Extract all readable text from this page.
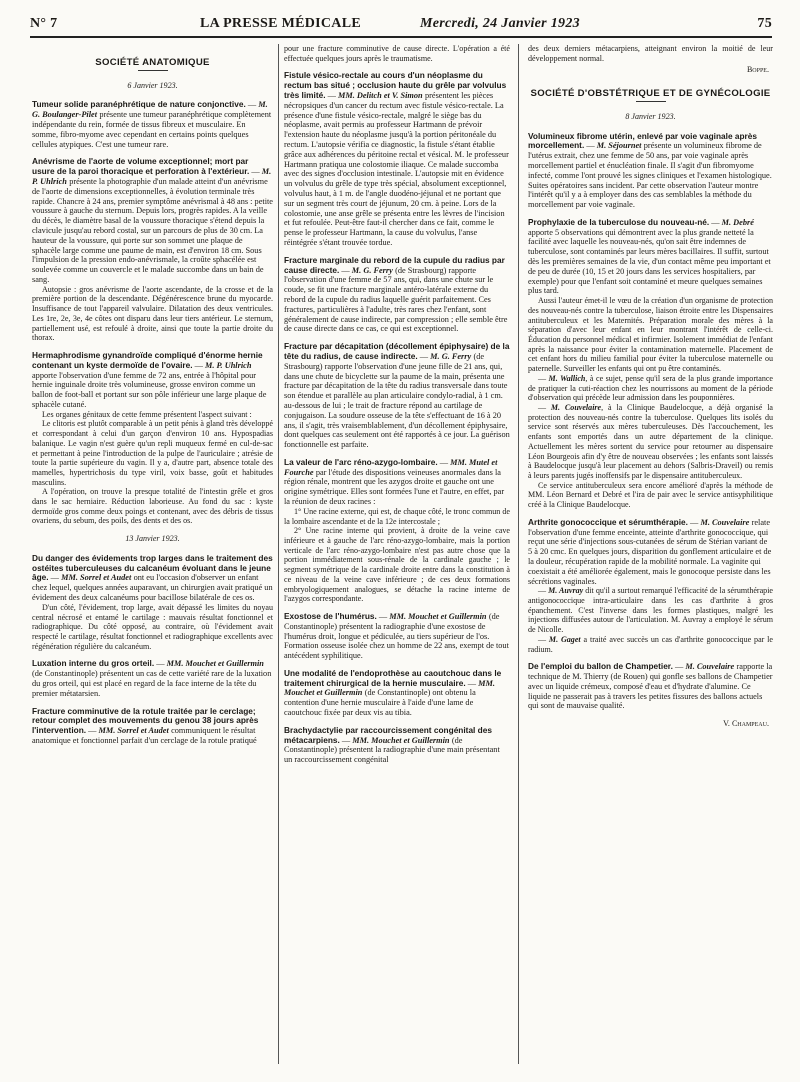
N° 7	LA PRESSE MÉDICALE	Mercredi, 24 Janvier 1923	75
SOCIÉTÉ ANATOMIQUE
6 Janvier 1923.
Tumeur solide paranéphrétique de nature conjonctive. — M. G. Boulanger-Pilet présente une tumeur paranéphrétique complètement indépendante du rein, formée de tissus fibreux et musculaire. En somme, fibro-myome avec cependant en certains points quelques cellules atypiques. C'est une tumeur rare.
Anévrisme de l'aorte de volume exceptionnel; mort par usure de la paroi thoracique et perforation à l'extérieur. — M. P. Uhlrich présente la photographie d'un malade atteint d'un anévrisme de l'aorte de dimensions exceptionnelles, à évolution terminale très rapide. Chancre à 24 ans, premier symptôme anévrismal à 48 ans : petite voussure à gauche du sternum. Depuis lors, progrès rapides. A la veille du décès, le diamètre basal de la voussure thoracique s'étend depuis la clavicule jusqu'au rebord costal, sur un parcours de plus de 30 cm. La hauteur de la voussure, qui porte sur son sommet une plaque de sphacèle large comme une paume de main, est d'environ 18 cm. Sous l'impulsion de la pression endo-anévrismale, la croûte sphacélée est soulevée comme un couvercle et le malade succombe dans un bain de sang.

Autopsie : gros anévrisme de l'aorte ascendante, de la crosse et de la première portion de la descendante. Dégénérescence brune du myocarde. Insuffisance de tout l'appareil valvulaire. Dilatation des deux ventricules. Les 1re, 2e, 3e, 4e côtes ont disparu dans leur tiers antérieur. Le sternum, partiellement usé, est refoulé à droite, ainsi que toute la partie droite du thorax.

Hermaphrodisme gynandroïde compliqué d'énorme hernie contenant un kyste dermoïde de l'ovaire. — M. P. Uhlrich apporte l'observation d'une femme de 72 ans, entrée à l'hôpital pour hernie inguinale droite très volumineuse, grosse environ comme un ballon de foot-ball et portant sur son pôle inférieur une large plaque de sphacèle cutané.

Les organes génitaux de cette femme présentent l'aspect suivant :

Le clitoris est plutôt comparable à un petit pénis à gland très développé et correspondant à celui d'un garçon d'environ 10 ans. Hypospadias balanique. Le vagin n'est guère qu'un repli muqueux fermé en cul-de-sac et permettant à peine l'introduction de la pulpe de l'auriculaire ; atrésie de toute la partie supérieure du vagin. Il y a, d'autre part, absence totale des mamelles, hypertrichosis du type viril, voix basse, goût et habitudes masculins.

A l'opération, on trouve la presque totalité de l'intestin grêle et gros dans le sac herniaire. Réduction laborieuse. Au fond du sac : kyste dermoïde gros comme deux poings et contenant, avec des débris de tissus ovariens, du sebum, des poils, des dents et des os.

13 Janvier 1923.
Du danger des évidements trop larges dans le traitement des ostéites tuberculeuses du calcanéum évoluant dans le jeune âge. — MM. Sorrel et Audet ont eu l'occasion d'observer un enfant chez lequel, quelques années auparavant, un chirurgien avait pratiqué un évidement des deux calcanéums pour bacillose bilatérale de ces os.

D'un côté, l'évidement, trop large, avait dépassé les limites du noyau central nécrosé et entamé le cartilage : mauvais résultat fonctionnel et radiographique. Du côté opposé, au contraire, où l'évidement avait respecté le cartilage, résultat fonctionnel et radiographique excellents avec régénération régulière du calcanéum.

Luxation interne du gros orteil. — MM. Mouchet et Guillermin (de Constantinople) présentent un cas de cette variété rare de la luxation du gros orteil, qui est placé en regard de la face interne de la tête du premier métatarsien.
Fracture comminutive de la rotule traitée par le cerclage; retour complet des mouvements du genou 38 jours après l'intervention. — MM. Sorrel et Audet communiquent le résultat anatomique et fonctionnel parfait d'un cerclage de la rotule pratiqué
pour une fracture comminutive de cause directe. L'opération a été effectuée quelques jours après le traumatisme.
Fistule vésico-rectale au cours d'un néoplasme du rectum bas situé ; occlusion haute du grêle par volvulus très limité. — MM. Delitch et V. Simon présentent les pièces nécropsiques d'un cancer du rectum avec fistule vésico-rectale. La présence d'une fistule vésico-rectale, malgré le siège bas du néoplasme, avait permis au professeur Hartmann de prévoir l'extension haute du néoplasme jusqu'à la portion péritonéale du rectum. L'autopsie vérifia ce diagnostic, la fistule s'étant établie grâce aux adhérences du péritoine rectal et vésical. M. le professeur Hartmann pratiqua une colostomie iliaque. Ce malade succomba avec des signes d'occlusion intestinale. L'autopsie mit en évidence un volvulus du grêle de type très spécial, absolument exceptionnel, volvulus haut, à 1 m. de l'angle duodéno-jéjunal et ne portant que sur un segment très court de jéjunum, 20 cm. à peine. Lors de la colostomie, une anse grêle se présenta entre les lèvres de l'incision et fut refoulée. Peut-être faut-il chercher dans ce fait, comme le pense le professeur Hartmann, la cause du volvulus, l'anse réintégrée s'étant trouvée tordue.
Fracture marginale du rebord de la cupule du radius par cause directe. — M. G. Ferry (de Strasbourg) rapporte l'observation d'une femme de 57 ans, qui, dans une chute sur le coude, se fit une fracture marginale antéro-latérale externe du rebord de la cupule du radius laquelle guérit parfaitement. Ces fractures, particulières à l'adulte, très rares chez l'enfant, sont généralement de cause indirecte, par compression ; elle semble être de cause directe dans ce cas, ce qui est exceptionnel.
Fracture par décapitation (décollement épiphysaire) de la tête du radius, de cause indirecte. — M. G. Ferry (de Strasbourg) rapporte l'observation d'une jeune fille de 21 ans, qui, dans une chute de bicyclette sur la paume de la main, présenta une fracture par décapitation de la tête du radius transversale dans toute son étendue et parallèle au plan articulaire condylo-radial, à 1 cm. au-dessous de lui ; le trait de fracture répond au cartilage de conjugaison. La soudure osseuse de la tête s'effectuant de 16 à 20 ans, il s'agit, très vraisemblablement, d'un décollement épiphysaire, dont quelques cas seulement ont été rapportés à ce jour. La guérison fonctionnelle est parfaite.
La valeur de l'arc réno-azygo-lombaire. — MM. Mutel et Fourche par l'étude des dispositions veineuses anormales dans la région rénale, montrent que les azygos droite et gauche ont une origine symétrique. Elles sont formées l'une et l'autre, en effet, par la réunion de deux racines :

1° Une racine externe, qui est, de chaque côté, le tronc commun de la lombaire ascendante et de la 12e intercostale ;

2° Une racine interne qui provient, à droite de la veine cave inférieure et à gauche de l'arc réno-azygo-lombaire, mais la portion verticale de l'arc réno-azygo-lombaire n'est pas autre chose que la portion immédiatement sous-rénale de la cardinale gauche ; le segment symétrique de la cardinale droite entre dans la constitution à ce niveau de la veine cave inférieure ; de ces deux formations embryologiquement analogues, se détache la racine interne de l'azygos correspondante.

Exostose de l'humérus. — MM. Mouchet et Guillermin (de Constantinople) présentent la radiographie d'une exostose de l'humérus droit, longue et pédiculée, au tiers supérieur de l'os. Formation osseuse isolée chez un homme de 22 ans, exempt de tout antécédent syphilitique.
Une modalité de l'endoprothèse au caoutchouc dans le traitement chirurgical de la hernie musculaire. — MM. Mouchet et Guillermin (de Constantinople) ont obtenu la contention d'une hernie musculaire à l'aide d'une lame de caoutchouc fixée par deux vis au tibia.
Brachydactylie par raccourcissement congénital des métacarpiens. — MM. Mouchet et Guillermin (de Constantinople) présentent la radiographie d'une main présentant un raccourcissement congénital
des deux derniers métacarpiens, atteignant environ la moitié de leur développement normal.
Boppe.
SOCIÉTÉ D'OBSTÉTRIQUE ET DE GYNÉCOLOGIE
8 Janvier 1923.
Volumineux fibrome utérin, enlevé par voie vaginale après morcellement. — M. Séjournet présente un volumineux fibrome de l'utérus extrait, chez une femme de 50 ans, par voie vaginale après morcellement partiel et énucléation finale. Il s'agit d'un fibromyome infecté, comme l'ont prouvé les signes cliniques et l'examen histologique. Suites opératoires sans incident. Par cette observation l'auteur montre l'intérêt qu'il y a à employer dans des cas semblables la méthode du morcellement par voie vaginale.
Prophylaxie de la tuberculose du nouveau-né. — M. Debré apporte 5 observations qui démontrent avec la plus grande netteté la facilité avec laquelle les nouveau-nés, qu'on sait être indemnes de tuberculose, sont contaminés par leurs mères bacillaires. Il suffit, surtout dès les premières semaines de la vie, d'un contact même peu important et de peu de durée (10, 15 et 20 jours dans les services hospitaliers, par exemple) pour que l'enfant soit contaminé et meure quelques semaines plus tard.

Aussi l'auteur émet-il le vœu de la création d'un organisme de protection des nouveau-nés contre la tuberculose, liaison étroite entre les Dispensaires antituberculeux et les Maternités. Préparation morale des mères à la séparation d'avec leur enfant en leur montrant l'intérêt de celle-ci. Éducation du personnel médical et infirmier. Isolement immédiat de l'enfant après la naissance pour éviter la contamination maternelle. Placement de cet enfant hors du milieu familial pour éviter la tuberculose maternelle ou paternelle. Surveiller les enfants qui ont pu être contaminés.

— M. Wallich, à ce sujet, pense qu'il sera de la plus grande importance de pratiquer la cuti-réaction chez les nourrissons au moment de la période d'observation qui précède leur admission dans les pouponnières.

— M. Couvelaire, à la Clinique Baudelocque, a déjà organisé la protection des nouveau-nés contre la tuberculose. Quelques lits isolés du service sont réservés aux mères tuberculeuses. Dès l'accouchement, les enfants sont emportés dans un autre département de la clinique. Actuellement les mères sortent du service pour retourner au dispensaire Léon Bourgeois afin d'y être de nouveau observées ; les enfants sont laissés à Baudelocque jusqu'à leur placement au dehors (Salbris-Draveil) ou remis à leurs parents jugés inoffensifs par le dispensaire antituberculeux.

Ce service antituberculeux sera encore amélioré d'après la méthode de MM. Léon Bernard et Debré et l'ira de pair avec le service antisyphilitique créé à la Clinique Baudelocque.

Arthrite gonococcique et sérumthérapie. — M. Couvelaire relate l'observation d'une femme enceinte, atteinte d'arthrite gonococcique, qui reçut une série d'injections sous-cutanées de sérum de Stérian variant de 5 à 20 cmc. En quelques jours, disparition du gonflement articulaire et de la douleur, récupération rapide de la mobilité normale. La vaginite qui coexistait a été améliorée également, mais le gonocoque persiste dans les sécrétions vaginales.

— M. Auvray dit qu'il a surtout remarqué l'efficacité de la sérumthérapie antigonococcique intra-articulaire dans les cas d'arthrite à gros épanchement. C'est l'inverse dans les formes plastiques, malgré les injections diffusées autour de l'articulation. M. Auvray a employé le sérum de Nicolle.

— M. Gaget a traité avec succès un cas d'arthrite gonococcique par le radium.

De l'emploi du ballon de Champetier. — M. Couvelaire rapporte la technique de M. Thierry (de Rouen) qui gonfle ses ballons de Champetier avec un liquide crémeux, composé d'eau et d'hydrate d'alumine. Ce liquide ne passerait pas à travers les petites fissures des ballons actuels qui sont de mauvaise qualité.
V. Champeau.
